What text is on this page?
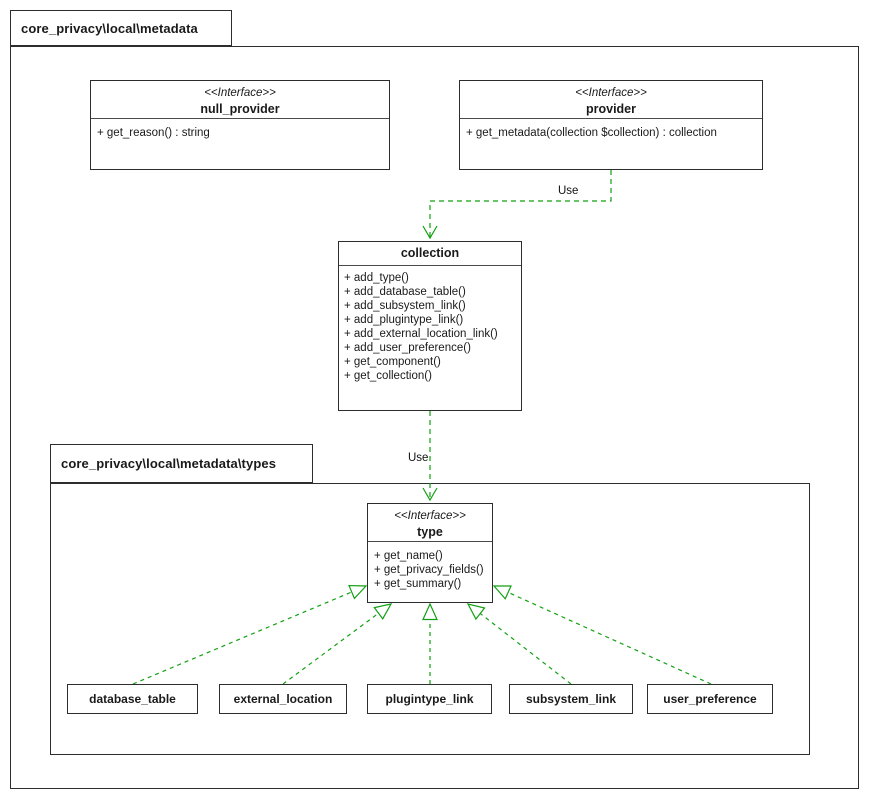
core_privacy\local\metadata
core_privacy\local\metadata\types
Use
Use
<<Interface>>
null_provider
+ get_reason() : string
<<Interface>>
provider
+ get_metadata(collection $collection) : collection
collection
+ add_type()
+ add_database_table()
+ add_subsystem_link()
+ add_plugintype_link()
+ add_external_location_link()
+ add_user_preference()
+ get_component()
+ get_collection()
<<Interface>>
type
+ get_name()
+ get_privacy_fields()
+ get_summary()
database_table	external_location	plugintype_link	subsystem_link	user_preference
